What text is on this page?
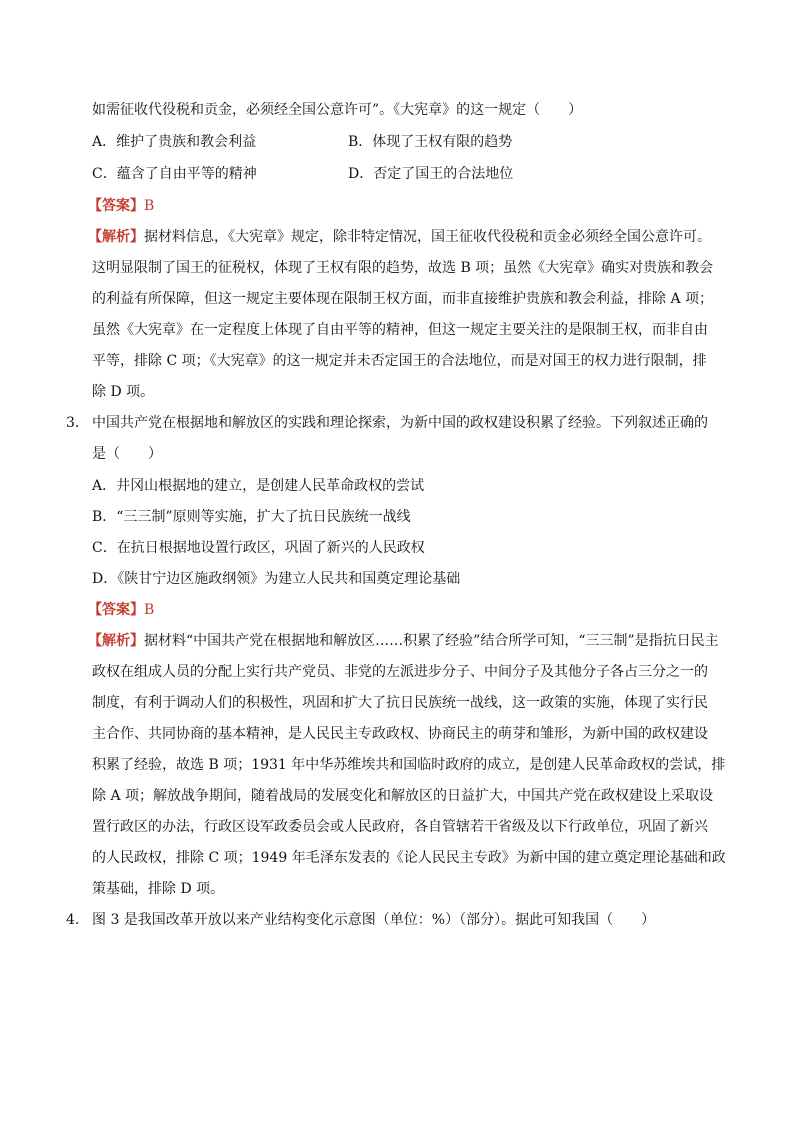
如需征收代役税和贡金，必须经全国公意许可”。《大宪章》的这一规定（　　）
A．维护了贵族和教会利益	B．体现了王权有限的趋势
C．蕴含了自由平等的精神	D．否定了国王的合法地位
【答案】B
【解析】据材料信息，《大宪章》规定，除非特定情况，国王征收代役税和贡金必须经全国公意许可。
这明显限制了国王的征税权，体现了王权有限的趋势，故选 B 项；虽然《大宪章》确实对贵族和教会
的利益有所保障，但这一规定主要体现在限制王权方面，而非直接维护贵族和教会利益，排除 A 项；
虽然《大宪章》在一定程度上体现了自由平等的精神，但这一规定主要关注的是限制王权，而非自由
平等，排除 C 项；《大宪章》的这一规定并未否定国王的合法地位，而是对国王的权力进行限制，排
除 D 项。
3． 中国共产党在根据地和解放区的实践和理论探索，为新中国的政权建设积累了经验。下列叙述正确的
是（　　）
A．井冈山根据地的建立，是创建人民革命政权的尝试
B．“三三制”原则等实施，扩大了抗日民族统一战线
C．在抗日根据地设置行政区，巩固了新兴的人民政权
D．《陕甘宁边区施政纲领》为建立人民共和国奠定理论基础
【答案】B
【解析】据材料“中国共产党在根据地和解放区……积累了经验”结合所学可知，“三三制”是指抗日民主
政权在组成人员的分配上实行共产党员、非党的左派进步分子、中间分子及其他分子各占三分之一的
制度，有利于调动人们的积极性，巩固和扩大了抗日民族统一战线，这一政策的实施，体现了实行民
主合作、共同协商的基本精神，是人民民主专政政权、协商民主的萌芽和雏形，为新中国的政权建设
积累了经验，故选 B 项；1931 年中华苏维埃共和国临时政府的成立，是创建人民革命政权的尝试，排
除 A 项；解放战争期间，随着战局的发展变化和解放区的日益扩大，中国共产党在政权建设上采取设
置行政区的办法，行政区设军政委员会或人民政府，各自管辖若干省级及以下行政单位，巩固了新兴
的人民政权，排除 C 项；1949 年毛泽东发表的《论人民民主专政》为新中国的建立奠定理论基础和政
策基础，排除 D 项。
4． 图 3 是我国改革开放以来产业结构变化示意图（单位：%）（部分）。据此可知我国（　　）
